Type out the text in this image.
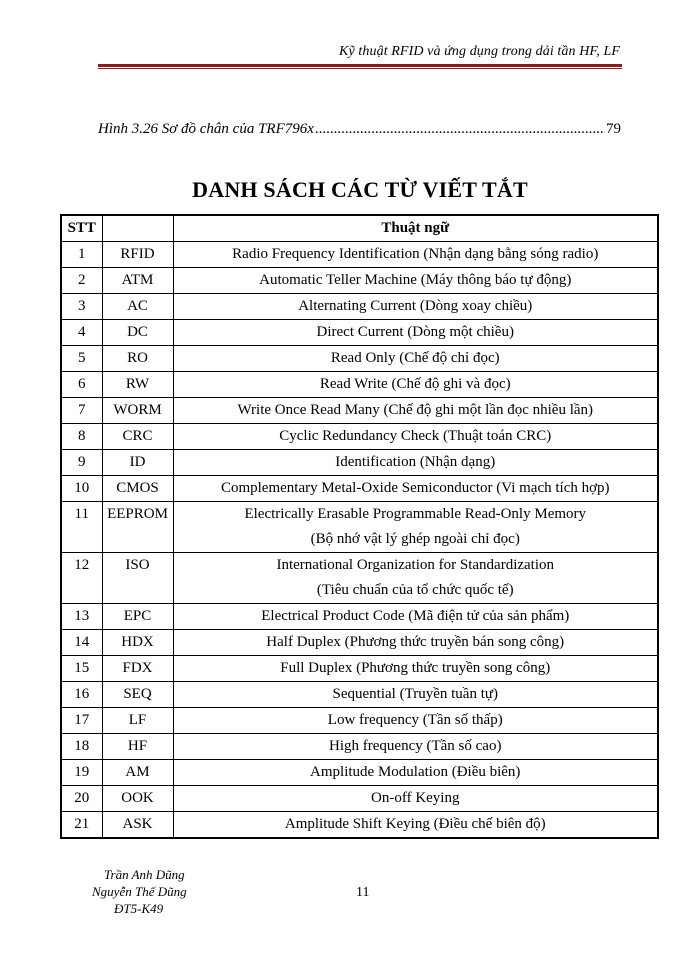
Kỹ thuật RFID và ứng dụng trong dải tần HF, LF
Hình 3.26 Sơ đồ chân của TRF796x .....	79
DANH SÁCH CÁC TỪ VIẾT TẮT
STT		Thuật ngữ
1	RFID	Radio Frequency Identification (Nhận dạng bằng sóng radio)
2	ATM	Automatic Teller Machine (Máy thông báo tự động)
3	AC	Alternating Current (Dòng xoay chiều)
4	DC	Direct Current (Dòng một chiều)
5	RO	Read Only (Chế độ chỉ đọc)
6	RW	Read Write (Chế độ ghi và đọc)
7	WORM	Write Once Read Many (Chế độ ghi một lần đọc nhiều lần)
8	CRC	Cyclic Redundancy Check (Thuật toán CRC)
9	ID	Identification (Nhận dạng)
10	CMOS	Complementary Metal-Oxide Semiconductor (Vi mạch tích hợp)
11	EEPROM	Electrically Erasable Programmable Read-Only Memory
(Bộ nhớ vật lý ghép ngoài chỉ đọc)

12	ISO	International Organization for Standardization
(Tiêu chuẩn của tổ chức quốc tế)

13	EPC	Electrical Product Code (Mã điện tử của sản phẩm)
14	HDX	Half Duplex (Phương thức truyền bán song công)
15	FDX	Full Duplex (Phương thức truyền song công)
16	SEQ	Sequential (Truyền tuần tự)
17	LF	Low frequency (Tần số thấp)
18	HF	High frequency (Tần số cao)
19	AM	Amplitude Modulation (Điều biên)
20	OOK	On-off Keying
21	ASK	Amplitude Shift Keying (Điều chế biên độ)
Trần Anh Dũng
Nguyễn Thế Dũng
ĐT5-K49
11
